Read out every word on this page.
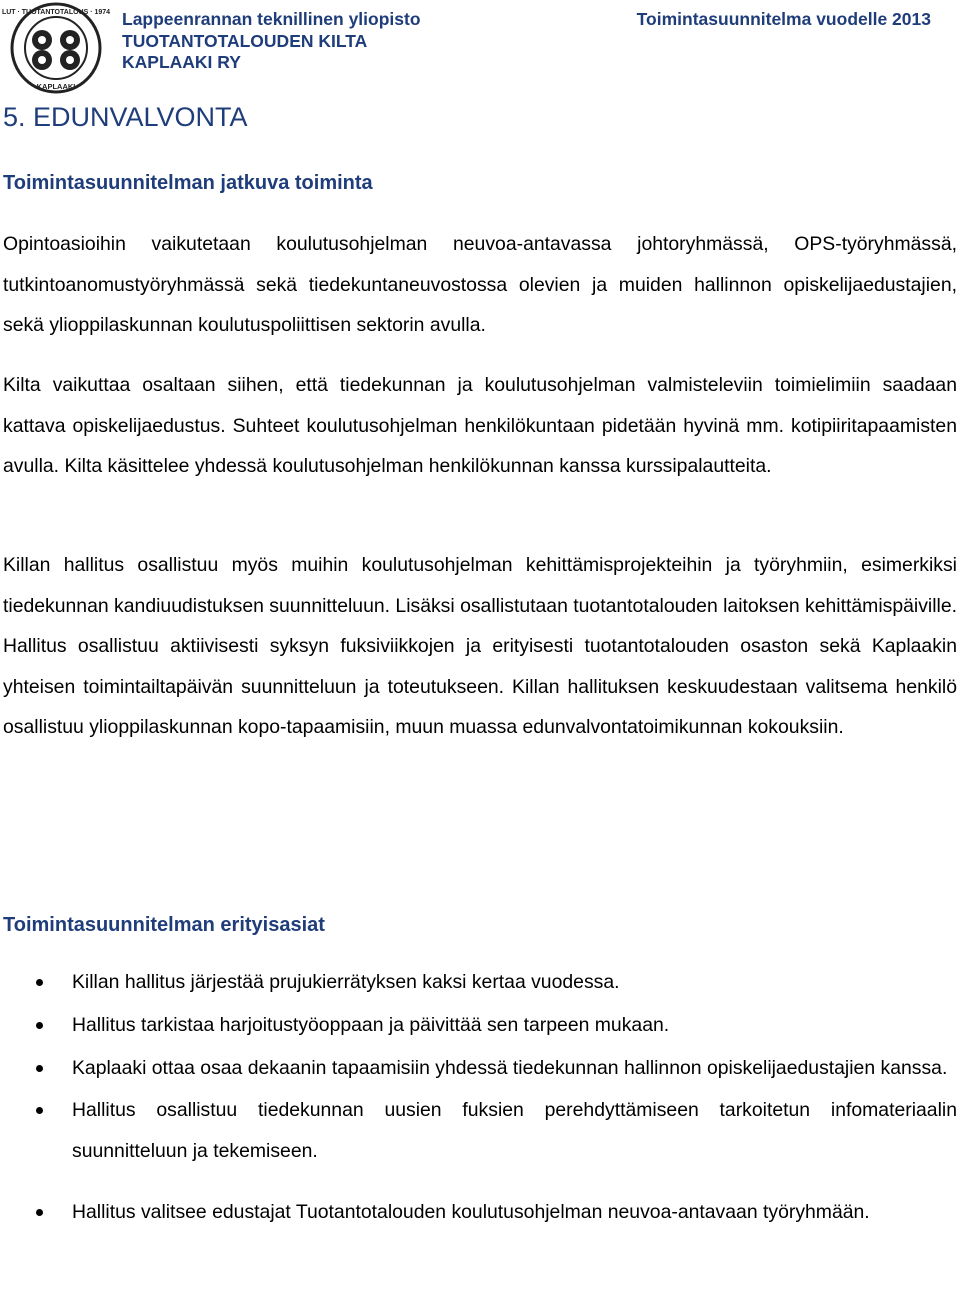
LUT · TUOTANTOTALOUS · 1974
KAPLAAKI
Lappeenrannan teknillinen yliopisto
TUOTANTOTALOUDEN KILTA
KAPLAAKI RY
Toimintasuunnitelma vuodelle 2013
5. EDUNVALVONTA
Toimintasuunnitelman jatkuva toiminta

Opintoasioihin vaikutetaan koulutusohjelman neuvoa-antavassa johtoryhmässä, OPS-työryhmässä, tutkintoanomustyöryhmässä sekä tiedekuntaneuvostossa olevien ja muiden hallinnon opiskelijaedustajien, sekä ylioppilaskunnan koulutuspoliittisen sektorin avulla.

Kilta vaikuttaa osaltaan siihen, että tiedekunnan ja koulutusohjelman valmisteleviin toimielimiin saadaan kattava opiskelijaedustus. Suhteet koulutusohjelman henkilökuntaan pidetään hyvinä mm. kotipiiritapaamisten avulla. Kilta käsittelee yhdessä koulutusohjelman henkilökunnan kanssa kurssipalautteita.

Killan hallitus osallistuu myös muihin koulutusohjelman kehittämisprojekteihin ja työryhmiin, esimerkiksi tiedekunnan kandiuudistuksen suunnitteluun. Lisäksi osallistutaan tuotantotalouden laitoksen kehittämispäiville. Hallitus osallistuu aktiivisesti syksyn fuksiviikkojen ja erityisesti tuotantotalouden osaston sekä Kaplaakin yhteisen toimintailtapäivän suunnitteluun ja toteutukseen. Killan hallituksen keskuudestaan valitsema henkilö osallistuu ylioppilaskunnan kopo-tapaamisiin, muun muassa edunvalvontatoimikunnan kokouksiin.

Toimintasuunnitelman erityisasiat
Killan hallitus järjestää prujukierrätyksen kaksi kertaa vuodessa.
Hallitus tarkistaa harjoitustyöoppaan ja päivittää sen tarpeen mukaan.
Kaplaaki ottaa osaa dekaanin tapaamisiin yhdessä tiedekunnan hallinnon opiskelijaedustajien kanssa.
Hallitus osallistuu tiedekunnan uusien fuksien perehdyttämiseen tarkoitetun infomateriaalin suunnitteluun ja tekemiseen.
Hallitus valitsee edustajat Tuotantotalouden koulutusohjelman neuvoa-antavaan työryhmään.
